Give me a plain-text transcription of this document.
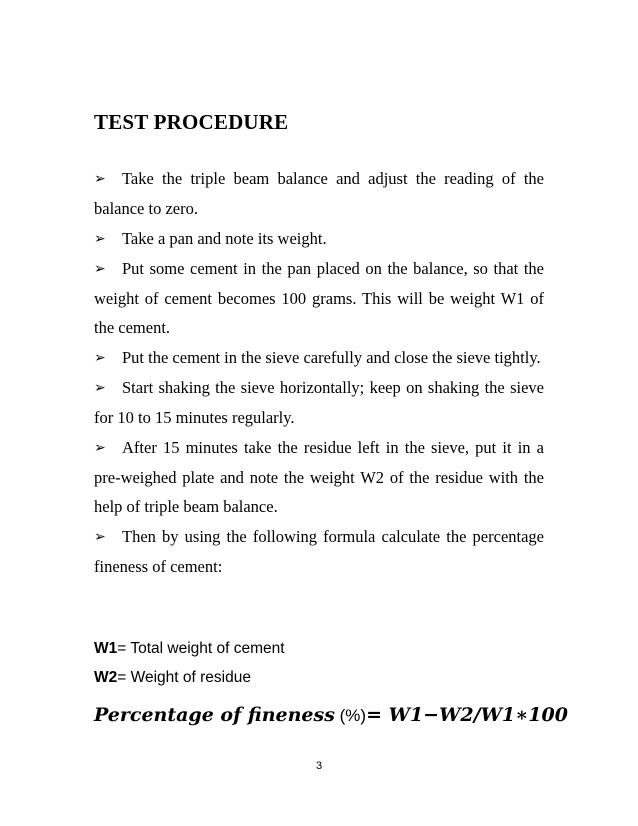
TEST PROCEDURE
➢ Take the triple beam balance and adjust the reading of the balance to zero.
➢ Take a pan and note its weight.
➢ Put some cement in the pan placed on the balance, so that the weight of cement becomes 100 grams. This will be weight W1 of the cement.
➢ Put the cement in the sieve carefully and close the sieve tightly.
➢ Start shaking the sieve horizontally; keep on shaking the sieve for 10 to 15 minutes regularly.
➢ After 15 minutes take the residue left in the sieve, put it in a pre-weighed plate and note the weight W2 of the residue with the help of triple beam balance.
➢ Then by using the following formula calculate the percentage fineness of cement:
W1= Total weight of cement
W2= Weight of residue
Percentage of fineness (%)= W1−W2/W1∗100
3
